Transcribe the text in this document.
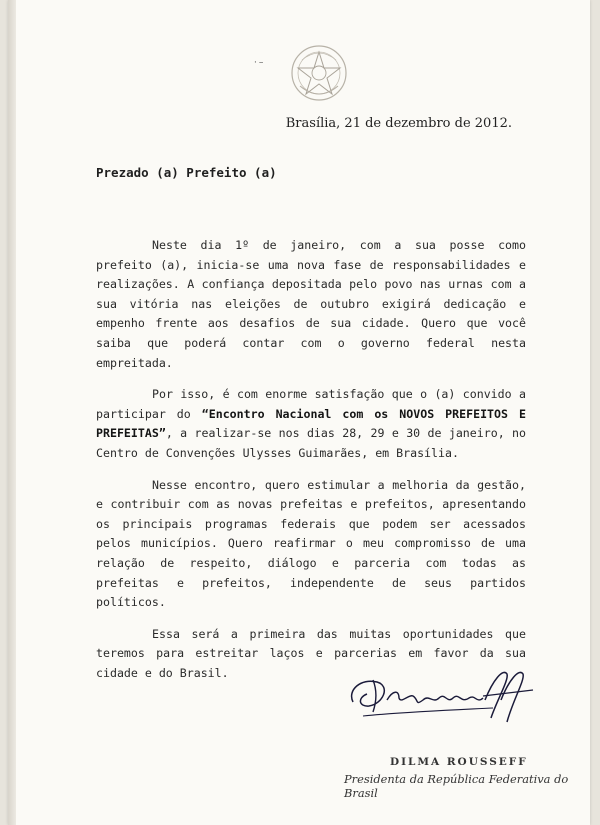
·–
Brasília, 21 de dezembro de 2012.
Prezado (a) Prefeito (a)

Neste dia 1º de janeiro, com a sua posse como prefeito (a), inicia-se uma nova fase de responsabilidades e realizações. A confiança depositada pelo povo nas urnas com a sua vitória nas eleições de outubro exigirá dedicação e empenho frente aos desafios de sua cidade. Quero que você saiba que poderá contar com o governo federal nesta empreitada.

Por isso, é com enorme satisfação que o (a) convido a participar do “Encontro Nacional com os NOVOS PREFEITOS E PREFEITAS”, a realizar-se nos dias 28, 29 e 30 de janeiro, no Centro de Convenções Ulysses Guimarães, em Brasília.

Nesse encontro, quero estimular a melhoria da gestão, e contribuir com as novas prefeitas e prefeitos, apresentando os principais programas federais que podem ser acessados pelos municípios. Quero reafirmar o meu compromisso de uma relação de respeito, diálogo e parceria com todas as prefeitas e prefeitos, independente de seus partidos políticos.

Essa será a primeira das muitas oportunidades que teremos para estreitar laços e parcerias em favor da sua cidade e do Brasil.

DILMA ROUSSEFF
Presidenta da República Federativa do Brasil
